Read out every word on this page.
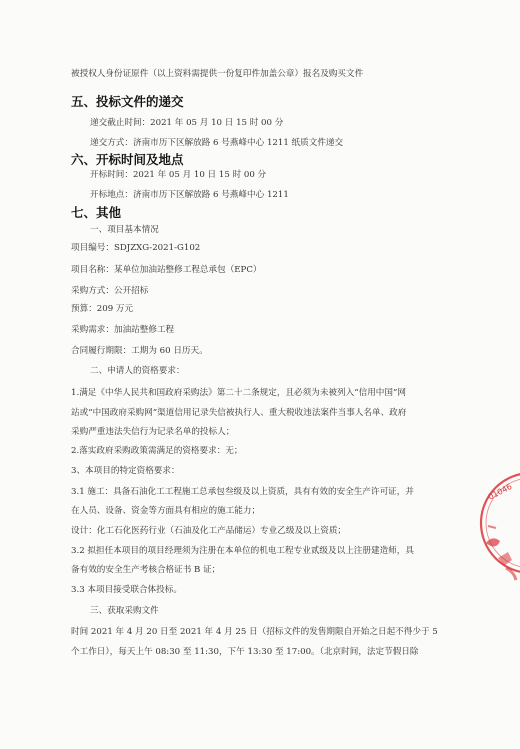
被授权人身份证原件（以上资料需提供一份复印件加盖公章）报名及购买文件
五、投标文件的递交
递交截止时间：2021 年 05 月 10 日 15 时 00 分
递交方式：济南市历下区解放路 6 号燕峰中心 1211 纸质文件递交
六、开标时间及地点
开标时间：2021 年 05 月 10 日 15 时 00 分
开标地点：济南市历下区解放路 6 号燕峰中心 1211
七、其他
一、项目基本情况
项目编号：SDJZXG-2021-G102
项目名称：某单位加油站整修工程总承包（EPC）
采购方式：公开招标
预算：209 万元
采购需求：加油站整修工程
合同履行期限：工期为 60 日历天。
二、申请人的资格要求：
1.满足《中华人民共和国政府采购法》第二十二条规定，且必须为未被列入“信用中国”网
站或“中国政府采购网”渠道信用记录失信被执行人、重大税收违法案件当事人名单、政府
采购严重违法失信行为记录名单的投标人；
2.落实政府采购政策需满足的资格要求：无；
3、本项目的特定资格要求：
3.1 施工：具备石油化工工程施工总承包叁级及以上资质，具有有效的安全生产许可证，并
在人员、设备、资金等方面具有相应的施工能力；
设计：化工石化医药行业（石油及化工产品储运）专业乙级及以上资质；
3.2 拟担任本项目的项目经理须为注册在本单位的机电工程专业贰级及以上注册建造师，具
备有效的安全生产考核合格证书 B 证；
3.3 本项目接受联合体投标。
三、获取采购文件
时间 2021 年 4 月 20 日至 2021 年 4 月 25 日（招标文件的发售期限自开始之日起不得少于 5
个工作日），每天上午 08:30 至 11:30，下午 13:30 至 17:00。（北京时间，法定节假日除
01046
